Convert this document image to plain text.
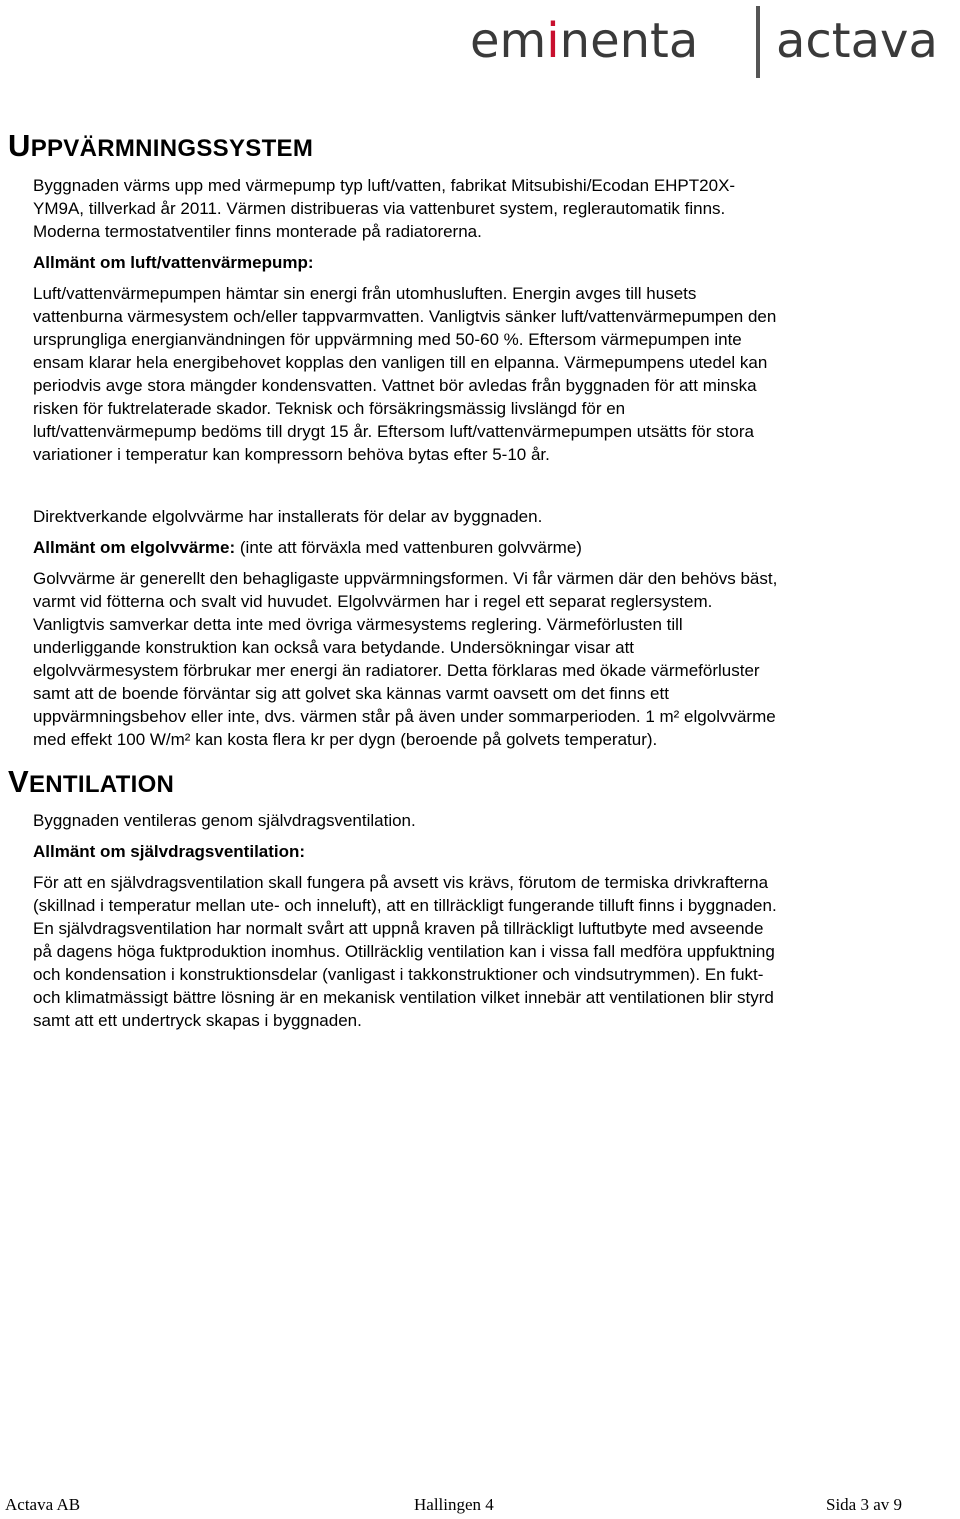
eminenta actava
UPPVÄRMNINGSSYSTEM
Byggnaden värms upp med värmepump typ luft/vatten, fabrikat Mitsubishi/Ecodan EHPT20X-
YM9A, tillverkad år 2011. Värmen distribueras via vattenburet system, reglerautomatik finns.
Moderna termostatventiler finns monterade på radiatorerna.
Allmänt om luft/vattenvärmepump:
Luft/vattenvärmepumpen hämtar sin energi från utomhusluften. Energin avges till husets
vattenburna värmesystem och/eller tappvarmvatten. Vanligtvis sänker luft/vattenvärmepumpen den
ursprungliga energianvändningen för uppvärmning med 50-60 %. Eftersom värmepumpen inte
ensam klarar hela energibehovet kopplas den vanligen till en elpanna. Värmepumpens utedel kan
periodvis avge stora mängder kondensvatten. Vattnet bör avledas från byggnaden för att minska
risken för fuktrelaterade skador. Teknisk och försäkringsmässig livslängd för en
luft/vattenvärmepump bedöms till drygt 15 år. Eftersom luft/vattenvärmepumpen utsätts för stora
variationer i temperatur kan kompressorn behöva bytas efter 5-10 år.
Direktverkande elgolvvärme har installerats för delar av byggnaden.
Allmänt om elgolvvärme: (inte att förväxla med vattenburen golvvärme)
Golvvärme är generellt den behagligaste uppvärmningsformen. Vi får värmen där den behövs bäst,
varmt vid fötterna och svalt vid huvudet. Elgolvvärmen har i regel ett separat reglersystem.
Vanligtvis samverkar detta inte med övriga värmesystems reglering. Värmeförlusten till
underliggande konstruktion kan också vara betydande. Undersökningar visar att
elgolvvärmesystem förbrukar mer energi än radiatorer. Detta förklaras med ökade värmeförluster
samt att de boende förväntar sig att golvet ska kännas varmt oavsett om det finns ett
uppvärmningsbehov eller inte, dvs. värmen står på även under sommarperioden. 1 m² elgolvvärme
med effekt 100 W/m² kan kosta flera kr per dygn (beroende på golvets temperatur).
VENTILATION
Byggnaden ventileras genom självdragsventilation.
Allmänt om självdragsventilation:
För att en självdragsventilation skall fungera på avsett vis krävs, förutom de termiska drivkrafterna
(skillnad i temperatur mellan ute- och inneluft), att en tillräckligt fungerande tilluft finns i byggnaden.
En självdragsventilation har normalt svårt att uppnå kraven på tillräckligt luftutbyte med avseende
på dagens höga fuktproduktion inomhus. Otillräcklig ventilation kan i vissa fall medföra uppfuktning
och kondensation i konstruktionsdelar (vanligast i takkonstruktioner och vindsutrymmen). En fukt-
och klimatmässigt bättre lösning är en mekanisk ventilation vilket innebär att ventilationen blir styrd
samt att ett undertryck skapas i byggnaden.
Actava AB	Hallingen 4	Sida 3 av 9
